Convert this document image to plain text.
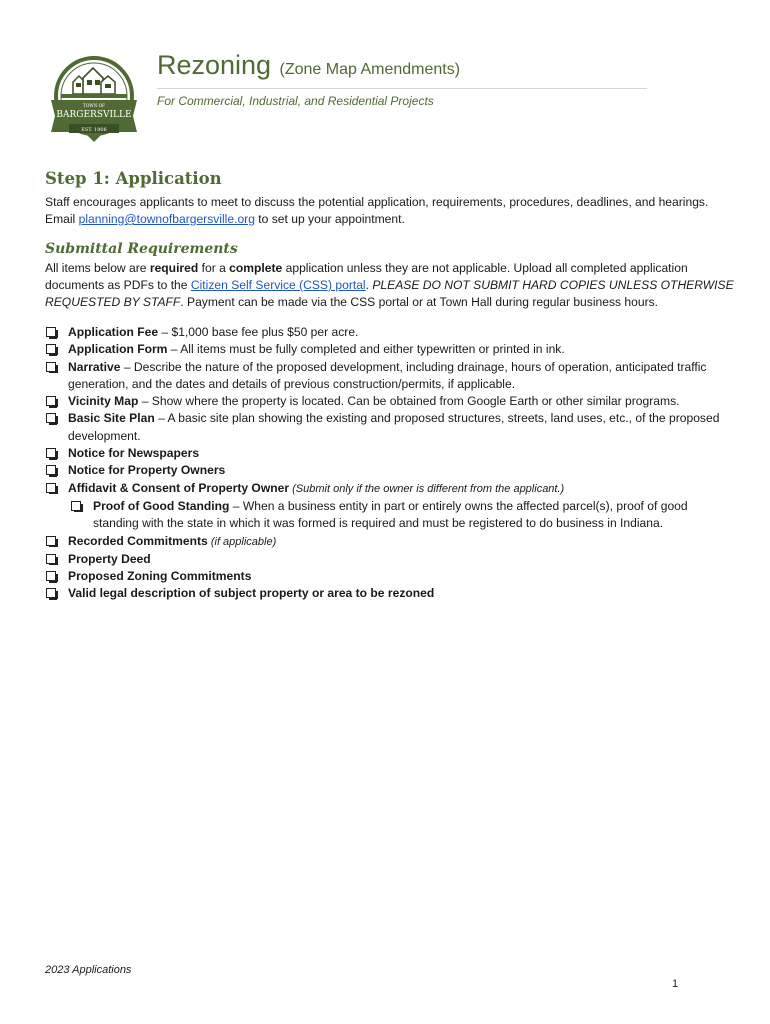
TOWN OF
BARGERSVILLE
EST. 1906
Rezoning (Zone Map Amendments)
For Commercial, Industrial, and Residential Projects
Step 1: Application
Staff encourages applicants to meet to discuss the potential application, requirements, procedures, deadlines, and hearings. Email planning@townofbargersville.org to set up your appointment.
Submittal Requirements
All items below are required for a complete application unless they are not applicable. Upload all completed application documents as PDFs to the Citizen Self Service (CSS) portal. PLEASE DO NOT SUBMIT HARD COPIES UNLESS OTHERWISE REQUESTED BY STAFF. Payment can be made via the CSS portal or at Town Hall during regular business hours.
Application Fee – $1,000 base fee plus $50 per acre.
Application Form – All items must be fully completed and either typewritten or printed in ink.
Narrative – Describe the nature of the proposed development, including drainage, hours of operation, anticipated traffic generation, and the dates and details of previous construction/permits, if applicable.
Vicinity Map – Show where the property is located. Can be obtained from Google Earth or other similar programs.
Basic Site Plan – A basic site plan showing the existing and proposed structures, streets, land uses, etc., of the proposed development.
Notice for Newspapers
Notice for Property Owners
Affidavit & Consent of Property Owner (Submit only if the owner is different from the applicant.)
Proof of Good Standing – When a business entity in part or entirely owns the affected parcel(s), proof of good standing with the state in which it was formed is required and must be registered to do business in Indiana.
Recorded Commitments (if applicable)
Property Deed
Proposed Zoning Commitments
Valid legal description of subject property or area to be rezoned
2023 Applications
1
